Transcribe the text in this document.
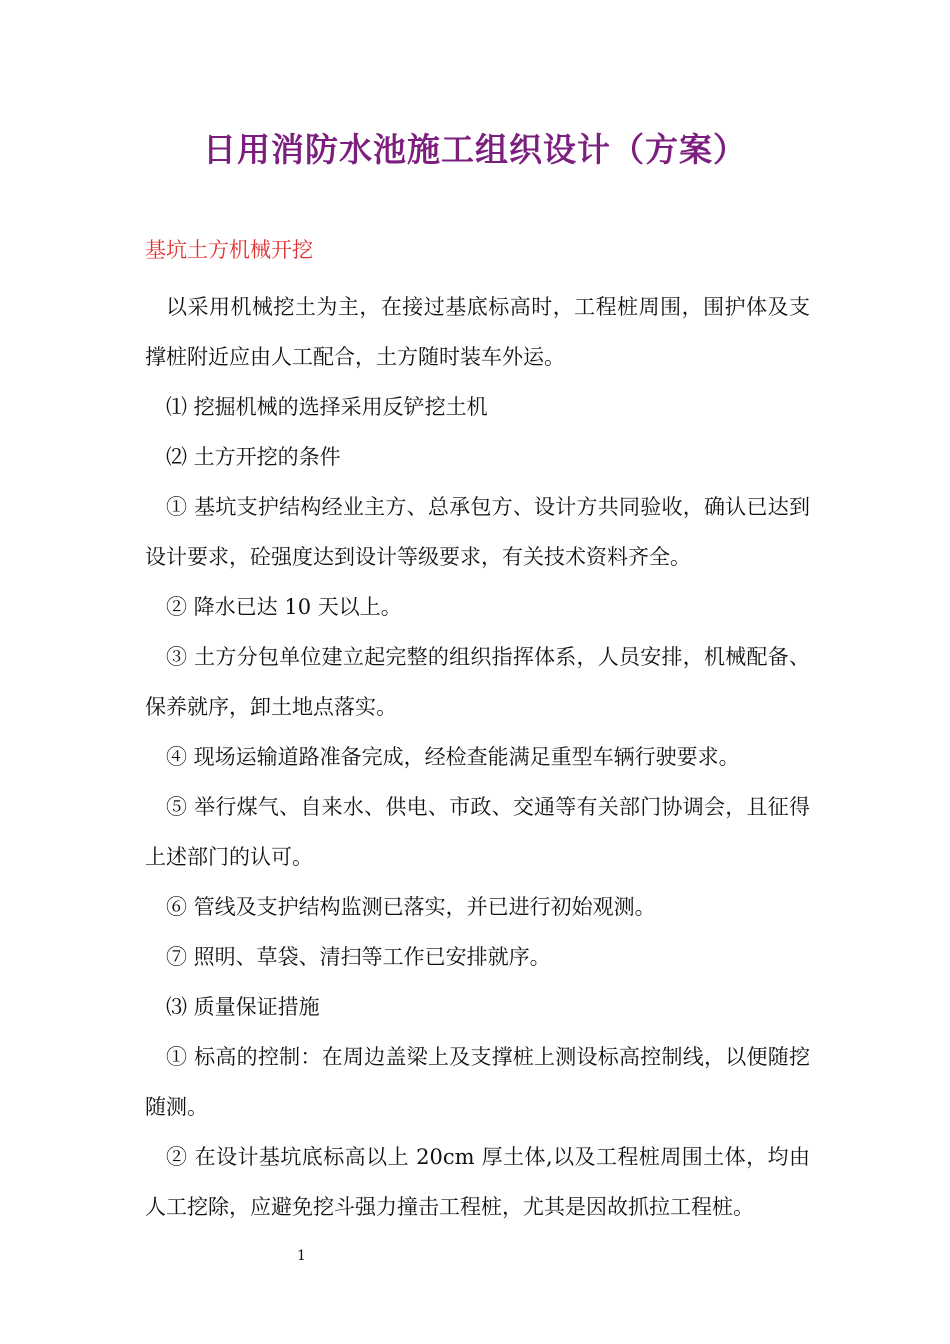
日用消防水池施工组织设计（方案）
基坑土方机械开挖

以采用机械挖土为主，在接过基底标高时，工程桩周围，围护体及支撑桩附近应由人工配合，土方随时装车外运。

⑴ 挖掘机械的选择采用反铲挖土机

⑵ 土方开挖的条件

① 基坑支护结构经业主方、总承包方、设计方共同验收，确认已达到设计要求，砼强度达到设计等级要求，有关技术资料齐全。

② 降水已达 10 天以上。

③ 土方分包单位建立起完整的组织指挥体系，人员安排，机械配备、保养就序，卸土地点落实。

④ 现场运输道路准备完成，经检查能满足重型车辆行驶要求。

⑤ 举行煤气、自来水、供电、市政、交通等有关部门协调会，且征得上述部门的认可。

⑥ 管线及支护结构监测已落实，并已进行初始观测。

⑦ 照明、草袋、清扫等工作已安排就序。

⑶ 质量保证措施

① 标高的控制：在周边盖梁上及支撑桩上测设标高控制线，以便随挖随测。

② 在设计基坑底标高以上 20cm 厚土体,以及工程桩周围土体，均由人工挖除，应避免挖斗强力撞击工程桩，尤其是因故抓拉工程桩。

1
